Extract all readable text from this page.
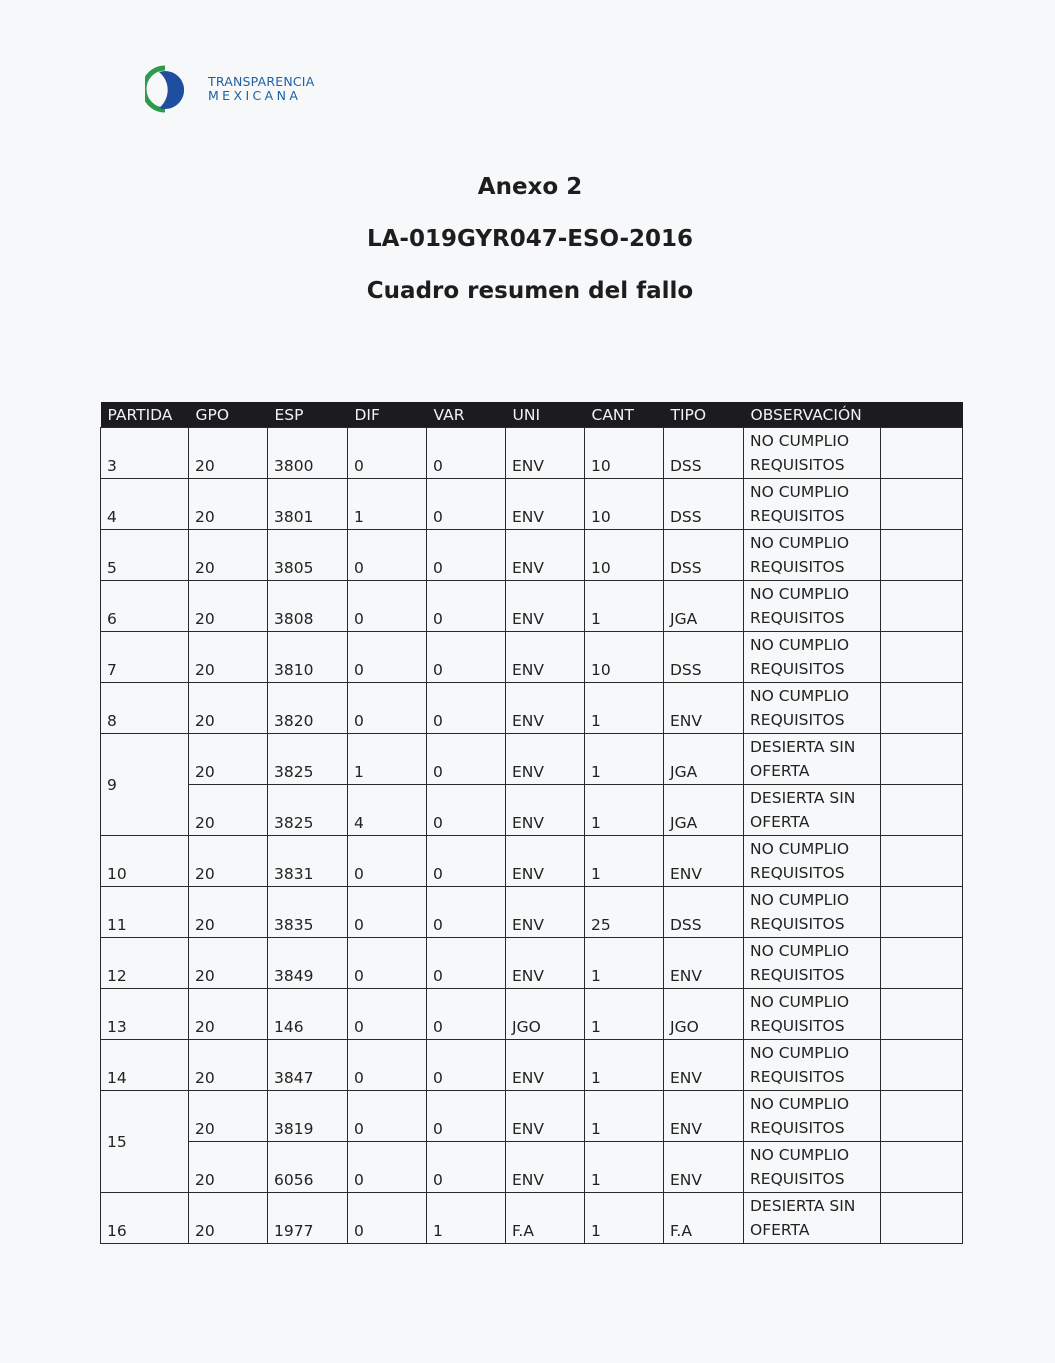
TRANSPARENCIA
MEXICANA
Anexo 2
LA-019GYR047-ESO-2016
Cuadro resumen del fallo
PARTIDA	GPO	ESP	DIF	VAR	UNI	CANT	TIPO	OBSERVACIÓN	
3	20	3800	0	0	ENV	10	DSS	NO CUMPLIO REQUISITOS	
4	20	3801	1	0	ENV	10	DSS	NO CUMPLIO REQUISITOS	
5	20	3805	0	0	ENV	10	DSS	NO CUMPLIO REQUISITOS	
6	20	3808	0	0	ENV	1	JGA	NO CUMPLIO REQUISITOS	
7	20	3810	0	0	ENV	10	DSS	NO CUMPLIO REQUISITOS	
8	20	3820	0	0	ENV	1	ENV	NO CUMPLIO REQUISITOS	
9	20	3825	1	0	ENV	1	JGA	DESIERTA SIN OFERTA	
	20	3825	4	0	ENV	1	JGA	DESIERTA SIN OFERTA	
10	20	3831	0	0	ENV	1	ENV	NO CUMPLIO REQUISITOS	
11	20	3835	0	0	ENV	25	DSS	NO CUMPLIO REQUISITOS	
12	20	3849	0	0	ENV	1	ENV	NO CUMPLIO REQUISITOS	
13	20	146	0	0	JGO	1	JGO	NO CUMPLIO REQUISITOS	
14	20	3847	0	0	ENV	1	ENV	NO CUMPLIO REQUISITOS	
15	20	3819	0	0	ENV	1	ENV	NO CUMPLIO REQUISITOS	
	20	6056	0	0	ENV	1	ENV	NO CUMPLIO REQUISITOS	
16	20	1977	0	1	F.A	1	F.A	DESIERTA SIN OFERTA	
